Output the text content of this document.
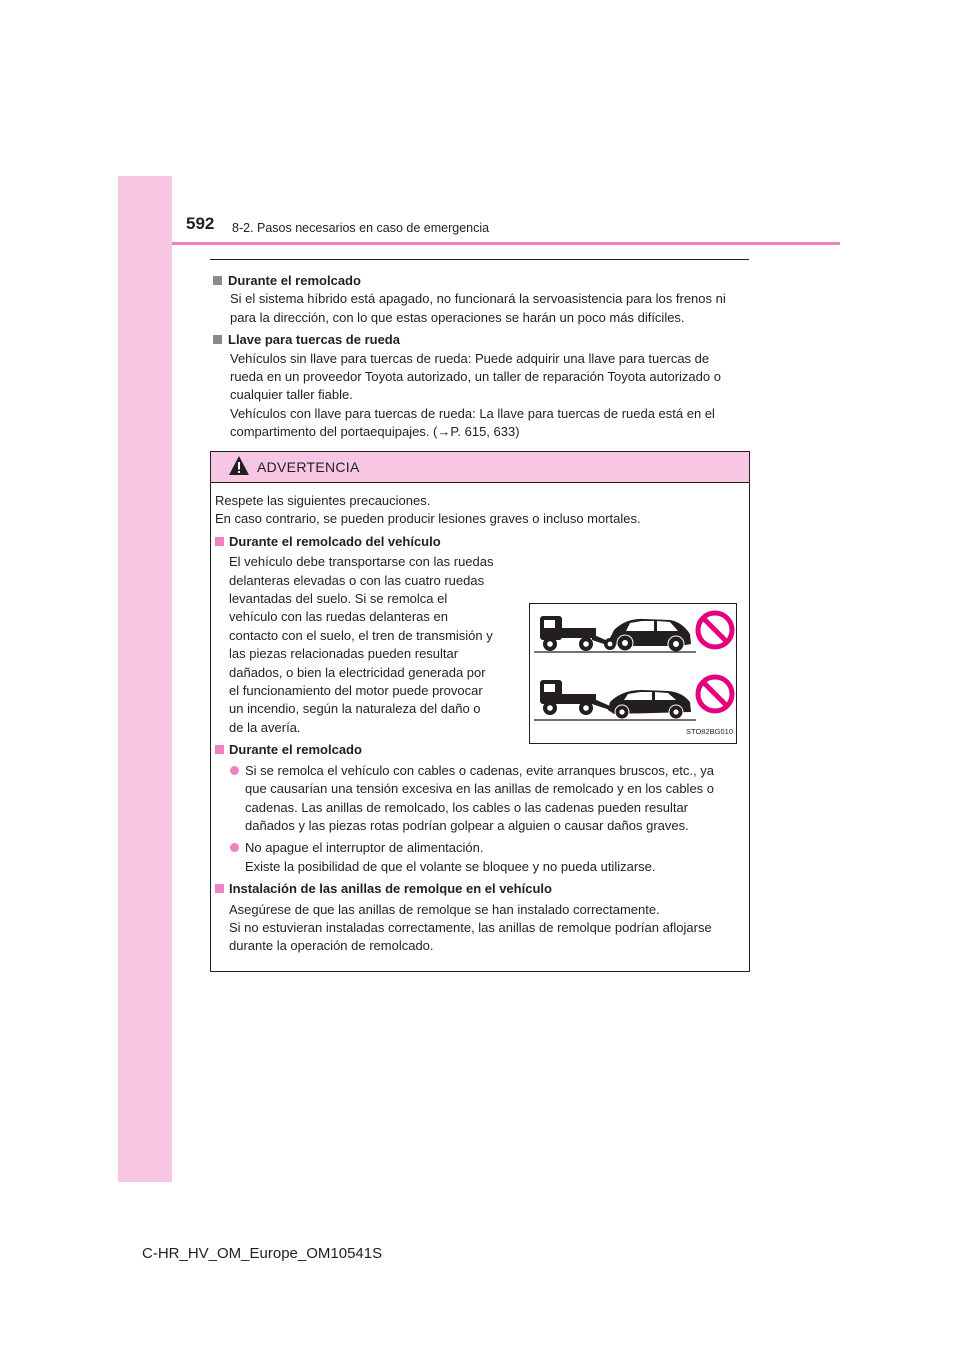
592 8-2. Pasos necesarios en caso de emergencia
Durante el remolcado
Si el sistema híbrido está apagado, no funcionará la servoasistencia para los frenos ni
para la dirección, con lo que estas operaciones se harán un poco más difíciles.
Llave para tuercas de rueda
Vehículos sin llave para tuercas de rueda: Puede adquirir una llave para tuercas de
rueda en un proveedor Toyota autorizado, un taller de reparación Toyota autorizado o
cualquier taller fiable.
Vehículos con llave para tuercas de rueda: La llave para tuercas de rueda está en el
compartimento del portaequipajes. (→P. 615, 633)
ADVERTENCIA
Respete las siguientes precauciones.
En caso contrario, se pueden producir lesiones graves o incluso mortales.
Durante el remolcado del vehículo
El vehículo debe transportarse con las ruedas
delanteras elevadas o con las cuatro ruedas
levantadas del suelo. Si se remolca el
vehículo con las ruedas delanteras en
contacto con el suelo, el tren de transmisión y
las piezas relacionadas pueden resultar
dañados, o bien la electricidad generada por
el funcionamiento del motor puede provocar
un incendio, según la naturaleza del daño o
de la avería.	STO82BG010
Durante el remolcado
Si se remolca el vehículo con cables o cadenas, evite arranques bruscos, etc., ya
que causarían una tensión excesiva en las anillas de remolcado y en los cables o
cadenas. Las anillas de remolcado, los cables o las cadenas pueden resultar
dañados y las piezas rotas podrían golpear a alguien o causar daños graves.
No apague el interruptor de alimentación.
Existe la posibilidad de que el volante se bloquee y no pueda utilizarse.
Instalación de las anillas de remolque en el vehículo
Asegúrese de que las anillas de remolque se han instalado correctamente.
Si no estuvieran instaladas correctamente, las anillas de remolque podrían aflojarse
durante la operación de remolcado.
C-HR_HV_OM_Europe_OM10541S
